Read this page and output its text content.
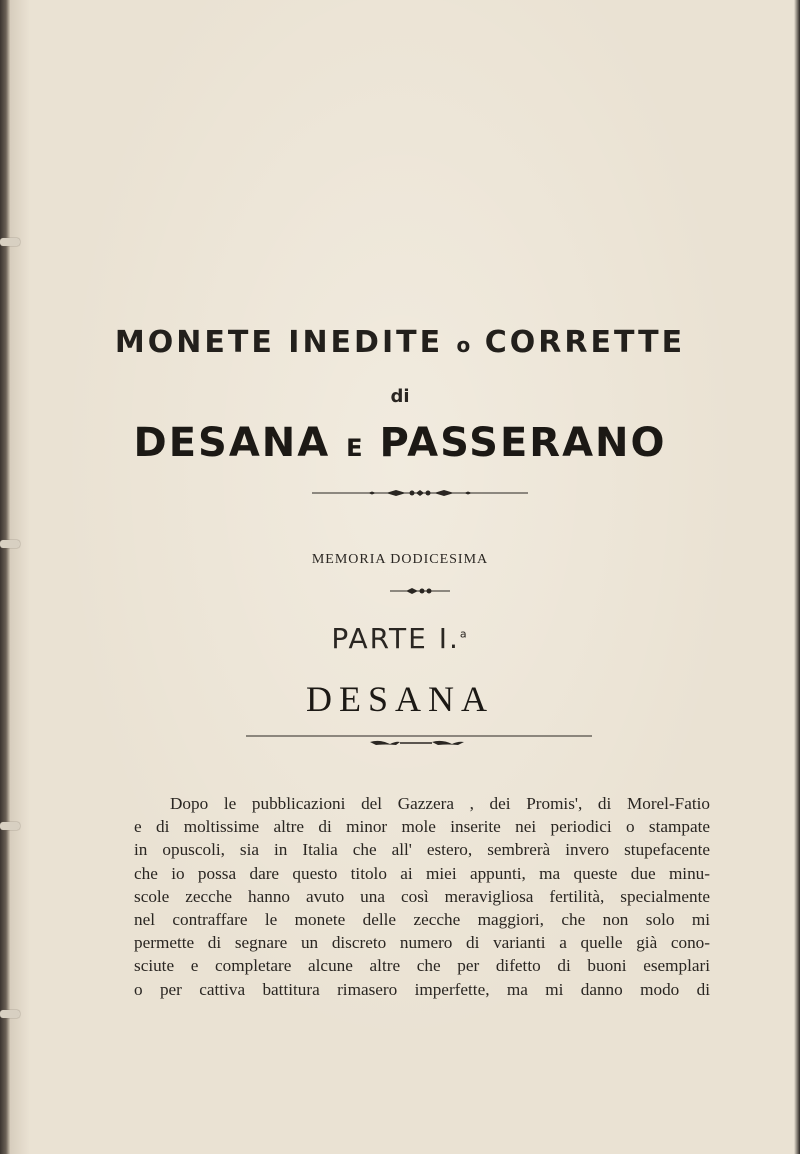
MONETE INEDITE o CORRETTE
di
DESANA E PASSERANO
MEMORIA DODICESIMA
PARTE I.$^a$
DESANA
Dopo le pubblicazioni del Gazzera , dei Promis', di Morel-Fatio
e di moltissime altre di minor mole inserite nei periodici o stampate
in opuscoli, sia in Italia che all' estero, sembrerà invero stupefacente
che io possa dare questo titolo ai miei appunti, ma queste due minu-
scole zecche hanno avuto una così meravigliosa fertilità, specialmente
nel contraffare le monete delle zecche maggiori, che non solo mi
permette di segnare un discreto numero di varianti a quelle già cono-
sciute e completare alcune altre che per difetto di buoni esemplari
o per cattiva battitura rimasero imperfette, ma mi danno modo di
